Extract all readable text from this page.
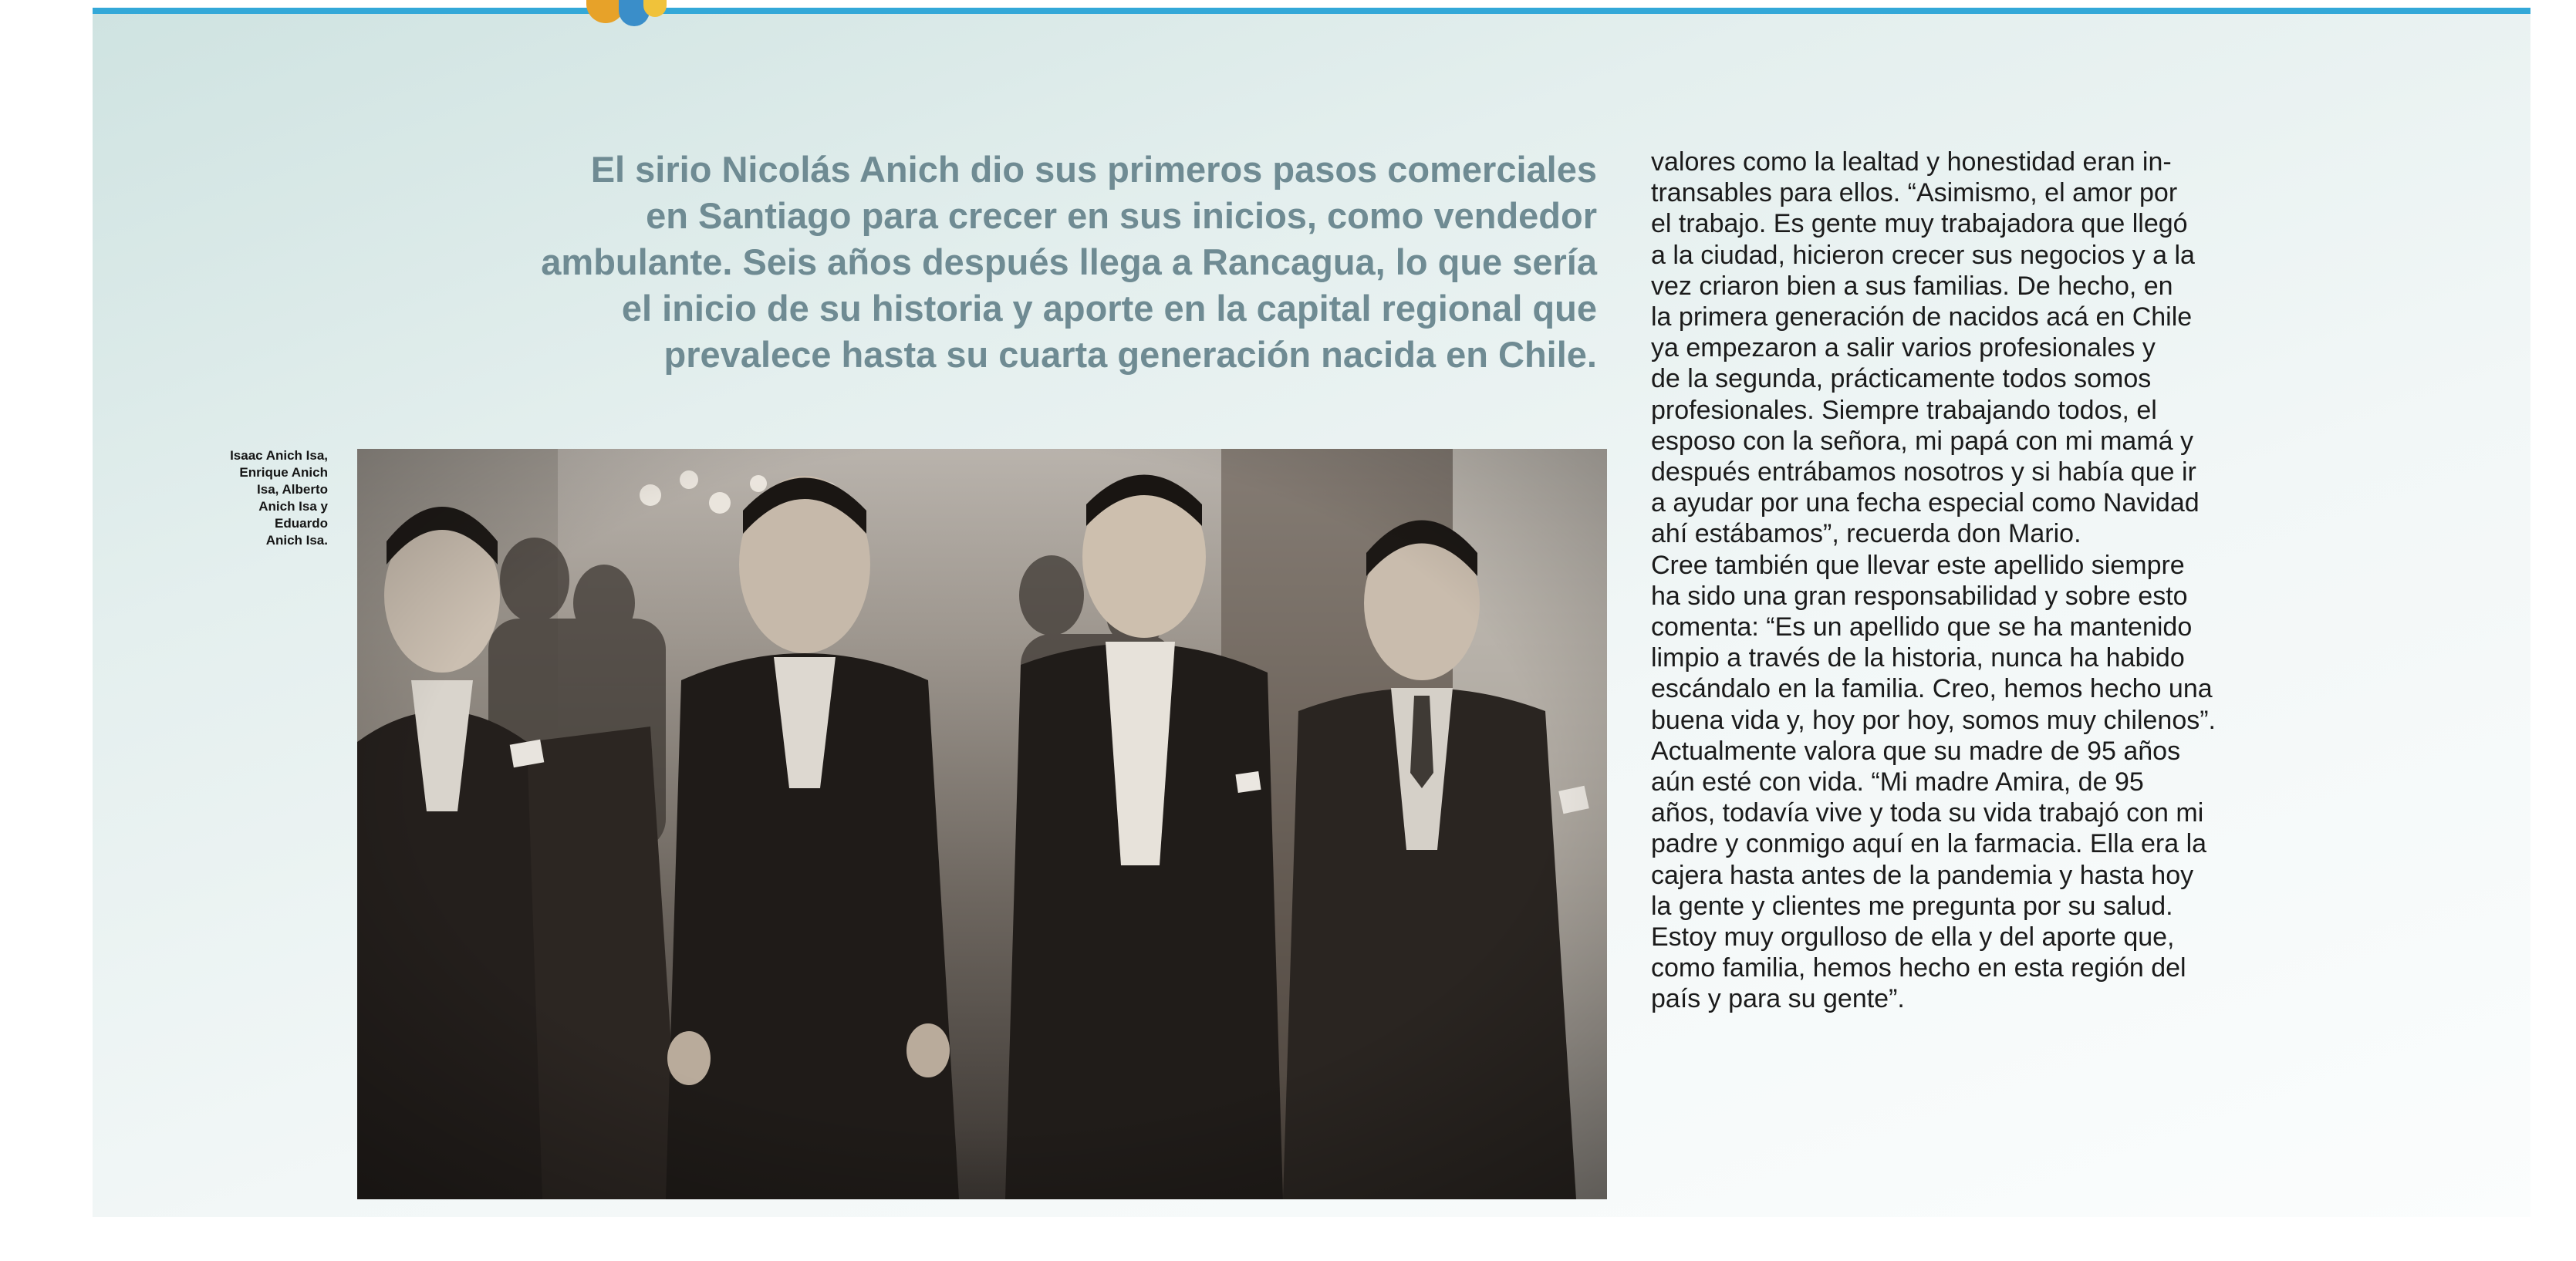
El sirio Nicolás Anich dio sus primeros pasos comerciales
en Santiago para crecer en sus inicios, como vendedor
ambulante. Seis años después llega a Rancagua, lo que sería
el inicio de su historia y aporte en la capital regional que
prevalece hasta su cuarta generación nacida en Chile.
Isaac Anich Isa,
Enrique Anich
Isa, Alberto
Anich Isa y
Eduardo
Anich Isa.
valores como la lealtad y honestidad eran in-
transables para ellos. “Asimismo, el amor por
el trabajo. Es gente muy trabajadora que llegó
a la ciudad, hicieron crecer sus negocios y a la
vez criaron bien a sus familias. De hecho, en
la primera generación de nacidos acá en Chile
ya empezaron a salir varios profesionales y
de la segunda, prácticamente todos somos
profesionales. Siempre trabajando todos, el
esposo con la señora, mi papá con mi mamá y
después entrábamos nosotros y si había que ir
a ayudar por una fecha especial como Navidad
ahí estábamos”, recuerda don Mario.
Cree también que llevar este apellido siempre
ha sido una gran responsabilidad y sobre esto
comenta: “Es un apellido que se ha mantenido
limpio a través de la historia, nunca ha habido
escándalo en la familia. Creo, hemos hecho una
buena vida y, hoy por hoy, somos muy chilenos”.
Actualmente valora que su madre de 95 años
aún esté con vida. “Mi madre Amira, de 95
años, todavía vive y toda su vida trabajó con mi
padre y conmigo aquí en la farmacia. Ella era la
cajera hasta antes de la pandemia y hasta hoy
la gente y clientes me pregunta por su salud.
Estoy muy orgulloso de ella y del aporte que,
como familia, hemos hecho en esta región del
país y para su gente”.
